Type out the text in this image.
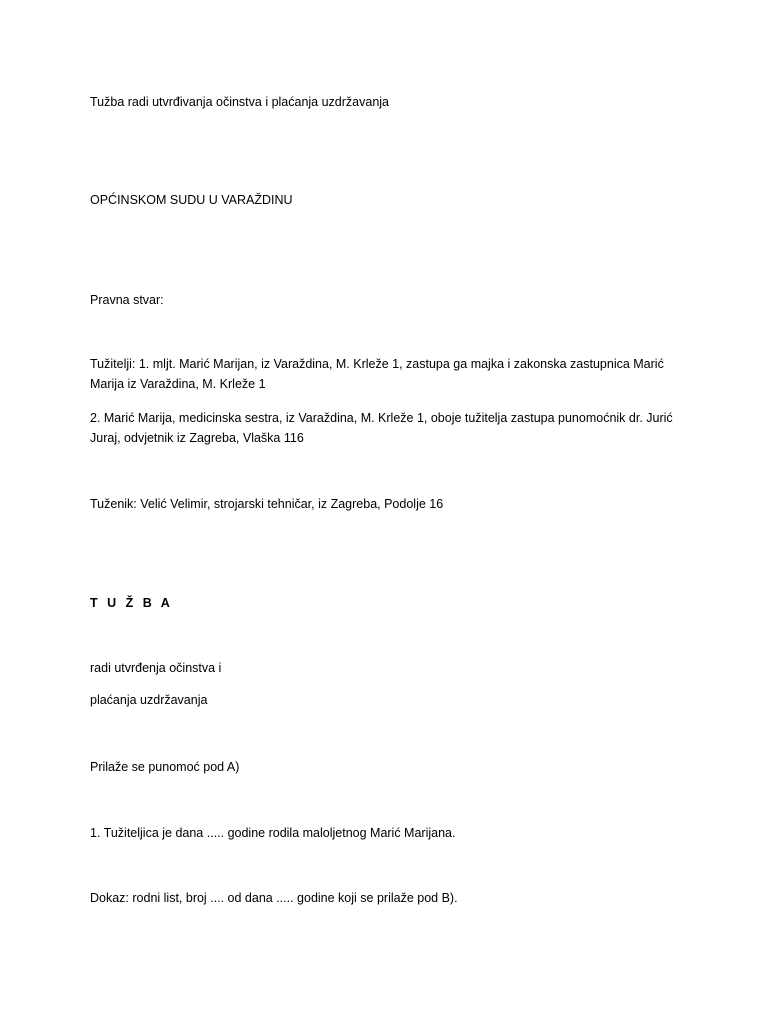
Tužba radi utvrđivanja očinstva i plaćanja uzdržavanja
OPĆINSKOM SUDU U VARAŽDINU
Pravna stvar:
Tužitelji: 1. mljt. Marić Marijan, iz Varaždina, M. Krleže 1, zastupa ga majka i zakonska zastupnica Marić Marija iz Varaždina, M. Krleže 1
2. Marić Marija, medicinska sestra, iz Varaždina, M. Krleže 1, oboje tužitelja zastupa punomoćnik dr. Jurić Juraj, odvjetnik iz Zagreba, Vlaška 116
Tuženik: Velić Velimir, strojarski tehničar, iz Zagreba, Podolje 16
T U Ž B A
radi utvrđenja očinstva i
plaćanja uzdržavanja
Prilaže se punomoć pod A)
1. Tužiteljica je dana ..... godine rodila maloljetnog Marić Marijana.
Dokaz: rodni list, broj .... od dana ..... godine koji se prilaže pod B).
